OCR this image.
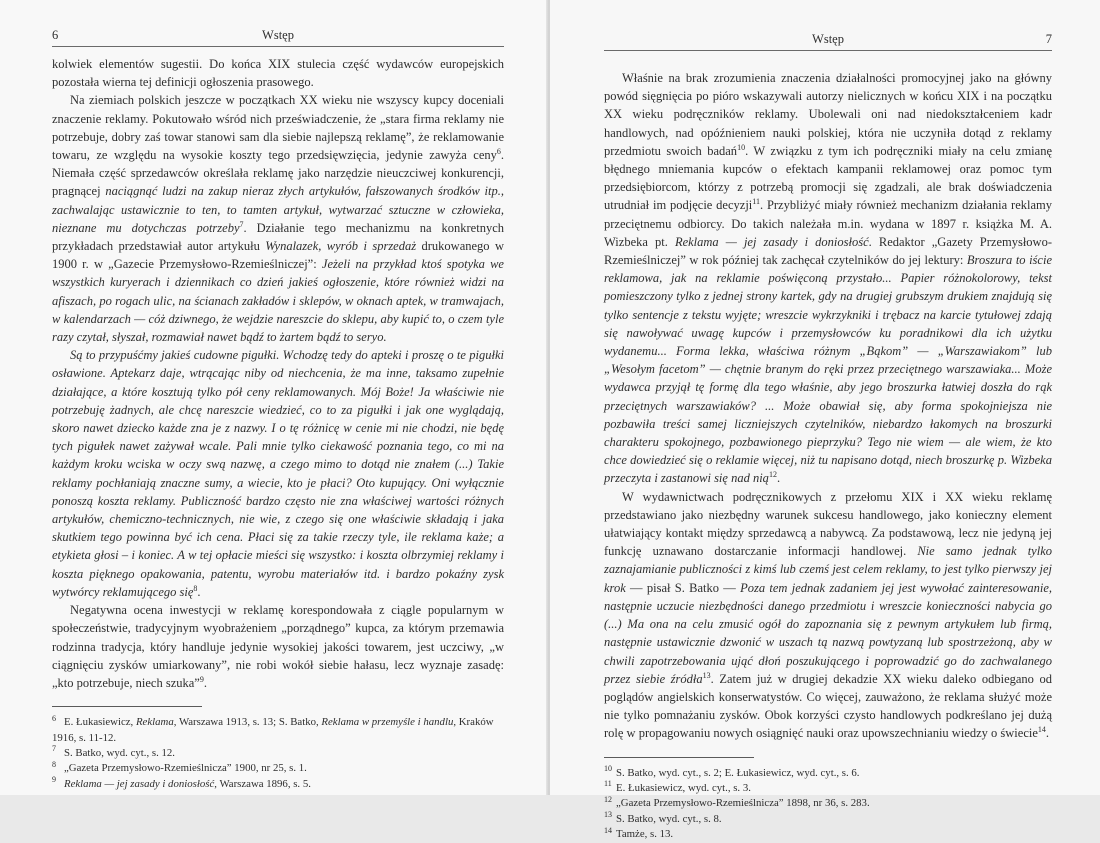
6	Wstęp

kolwiek elementów sugestii. Do końca XIX stulecia część wydawców europejskich pozostała wierna tej definicji ogłoszenia prasowego.

Na ziemiach polskich jeszcze w początkach XX wieku nie wszyscy kupcy doceniali znaczenie reklamy. Pokutowało wśród nich przeświadczenie, że „stara firma reklamy nie potrzebuje, dobry zaś towar stanowi sam dla siebie najlepszą reklamę”, że reklamowanie towaru, ze względu na wysokie koszty tego przedsięwzięcia, jedynie zawyża ceny$^6$. Niemała część sprzedawców określała reklamę jako narzędzie nieuczciwej konkurencji, pragnącej naciągnąć ludzi na zakup nieraz złych artykułów, fałszowanych środków itp., zachwalając ustawicznie to ten, to tamten artykuł, wytwarzać sztuczne w człowieka, nieznane mu dotychczas potrzeby$^7$. Działanie tego mechanizmu na konkretnych przykładach przedstawiał autor artykułu Wynalazek, wyrób i sprzedaż drukowanego w 1900 r. w „Gazecie Przemysłowo-Rzemieślniczej”: Jeżeli na przykład ktoś spotyka we wszystkich kuryerach i dziennikach co dzień jakieś ogłoszenie, które również widzi na afiszach, po rogach ulic, na ścianach zakładów i sklepów, w oknach aptek, w tramwajach, w kalendarzach — cóż dziwnego, że wejdzie nareszcie do sklepu, aby kupić to, o czem tyle razy czytał, słyszał, rozmawiał nawet bądź to żartem bądź to seryo.

Są to przypuśćmy jakieś cudowne pigułki. Wchodzę tedy do apteki i proszę o te pigułki osławione. Aptekarz daje, wtrącając niby od niechcenia, że ma inne, taksamo zupełnie działające, a które kosztują tylko pół ceny reklamowanych. Mój Boże! Ja właściwie nie potrzebuję żadnych, ale chcę nareszcie wiedzieć, co to za pigułki i jak one wyglądają, skoro nawet dziecko każde zna je z nazwy. I o tę różnicę w cenie mi nie chodzi, nie będę tych pigułek nawet zażywał wcale. Pali mnie tylko ciekawość poznania tego, co mi na każdym kroku wciska w oczy swą nazwę, a czego mimo to dotąd nie znałem (...) Takie reklamy pochłaniają znaczne sumy, a wiecie, kto je płaci? Oto kupujący. Oni wyłącznie ponoszą koszta reklamy. Publiczność bardzo często nie zna właściwej wartości różnych artykułów, chemiczno-technicznych, nie wie, z czego się one właściwie składają i jaka skutkiem tego powinna być ich cena. Płaci się za takie rzeczy tyle, ile reklama każe; a etykieta głosi – i koniec. A w tej opłacie mieści się wszystko: i koszta olbrzymiej reklamy i koszta pięknego opakowania, patentu, wyrobu materiałów itd. i bardzo pokaźny zysk wytwórcy reklamującego się$^8$.

Negatywna ocena inwestycji w reklamę korespondowała z ciągle popularnym w społeczeństwie, tradycyjnym wyobrażeniem „porządnego” kupca, za którym przemawia rodzinna tradycja, który handluje jedynie wysokiej jakości towarem, jest uczciwy, „w ciągnięciu zysków umiarkowany”, nie robi wokół siebie hałasu, lecz wyznaje zasadę: „kto potrzebuje, niech szuka”$^9$.

6 E. Łukasiewicz, Reklama, Warszawa 1913, s. 13; S. Batko, Reklama w przemyśle i handlu, Kraków 1916, s. 11-12.
7 S. Batko, wyd. cyt., s. 12.
8 „Gazeta Przemysłowo-Rzemieślnicza” 1900, nr 25, s. 1.
9 Reklama — jej zasady i doniosłość, Warszawa 1896, s. 5.
Wstęp	7

Właśnie na brak zrozumienia znaczenia działalności promocyjnej jako na główny powód sięgnięcia po pióro wskazywali autorzy nielicznych w końcu XIX i na początku XX wieku podręczników reklamy. Ubolewali oni nad niedokształceniem kadr handlowych, nad opóźnieniem nauki polskiej, która nie uczyniła dotąd z reklamy przedmiotu swoich badań$^{10}$. W związku z tym ich podręczniki miały na celu zmianę błędnego mniemania kupców o efektach kampanii reklamowej oraz pomoc tym przedsiębiorcom, którzy z potrzebą promocji się zgadzali, ale brak doświadczenia utrudniał im podjęcie decyzji$^{11}$. Przybliżyć miały również mechanizm działania reklamy przeciętnemu odbiorcy. Do takich należała m.in. wydana w 1897 r. książka M. A. Wizbeka pt. Reklama — jej zasady i doniosłość. Redaktor „Gazety Przemysłowo-Rzemieślniczej” w rok później tak zachęcał czytelników do jej lektury: Broszura to iście reklamowa, jak na reklamie poświęconą przystało... Papier różnokolorowy, tekst pomieszczony tylko z jednej strony kartek, gdy na drugiej grubszym drukiem znajdują się tylko sentencje z tekstu wyjęte; wreszcie wykrzykniki i trębacz na karcie tytułowej zdają się nawoływać uwagę kupców i przemysłowców ku poradnikowi dla ich użytku wydanemu... Forma lekka, właściwa różnym „Bąkom” — „Warszawiakom” lub „Wesołym facetom” — chętnie branym do ręki przez przeciętnego warszawiaka... Może wydawca przyjął tę formę dla tego właśnie, aby jego broszurka łatwiej doszła do rąk przeciętnych warszawiaków? ... Może obawiał się, aby forma spokojniejsza nie pozbawiła treści samej liczniejszych czytelników, niebardzo łakomych na broszurki charakteru spokojnego, pozbawionego pieprzyku? Tego nie wiem — ale wiem, że kto chce dowiedzieć się o reklamie więcej, niż tu napisano dotąd, niech broszurkę p. Wizbeka przeczyta i zastanowi się nad nią$^{12}$.

W wydawnictwach podręcznikowych z przełomu XIX i XX wieku reklamę przedstawiano jako niezbędny warunek sukcesu handlowego, jako konieczny element ułatwiający kontakt między sprzedawcą a nabywcą. Za podstawową, lecz nie jedyną jej funkcję uznawano dostarczanie informacji handlowej. Nie samo jednak tylko zaznajamianie publiczności z kimś lub czemś jest celem reklamy, to jest tylko pierwszy jej krok — pisał S. Batko — Poza tem jednak zadaniem jej jest wywołać zainteresowanie, następnie uczucie niezbędności danego przedmiotu i wreszcie konieczności nabycia go (...) Ma ona na celu zmusić ogół do zapoznania się z pewnym artykułem lub firmą, następnie ustawicznie dzwonić w uszach tą nazwą powtyzaną lub spostrzeżoną, aby w chwili zapotrzebowania ująć dłoń poszukującego i poprowadzić go do zachwalanego przez siebie źródła$^{13}$. Zatem już w drugiej dekadzie XX wieku daleko odbiegano od poglądów angielskich konserwatystów. Co więcej, zauważono, że reklama służyć może nie tylko pomnażaniu zysków. Obok korzyści czysto handlowych podkreślano jej dużą rolę w propagowaniu nowych osiągnięć nauki oraz upowszechnianiu wiedzy o świecie$^{14}$.

10 S. Batko, wyd. cyt., s. 2; E. Łukasiewicz, wyd. cyt., s. 6.
11 E. Łukasiewicz, wyd. cyt., s. 3.
12 „Gazeta Przemysłowo-Rzemieślnicza” 1898, nr 36, s. 283.
13 S. Batko, wyd. cyt., s. 8.
14 Tamże, s. 13.
